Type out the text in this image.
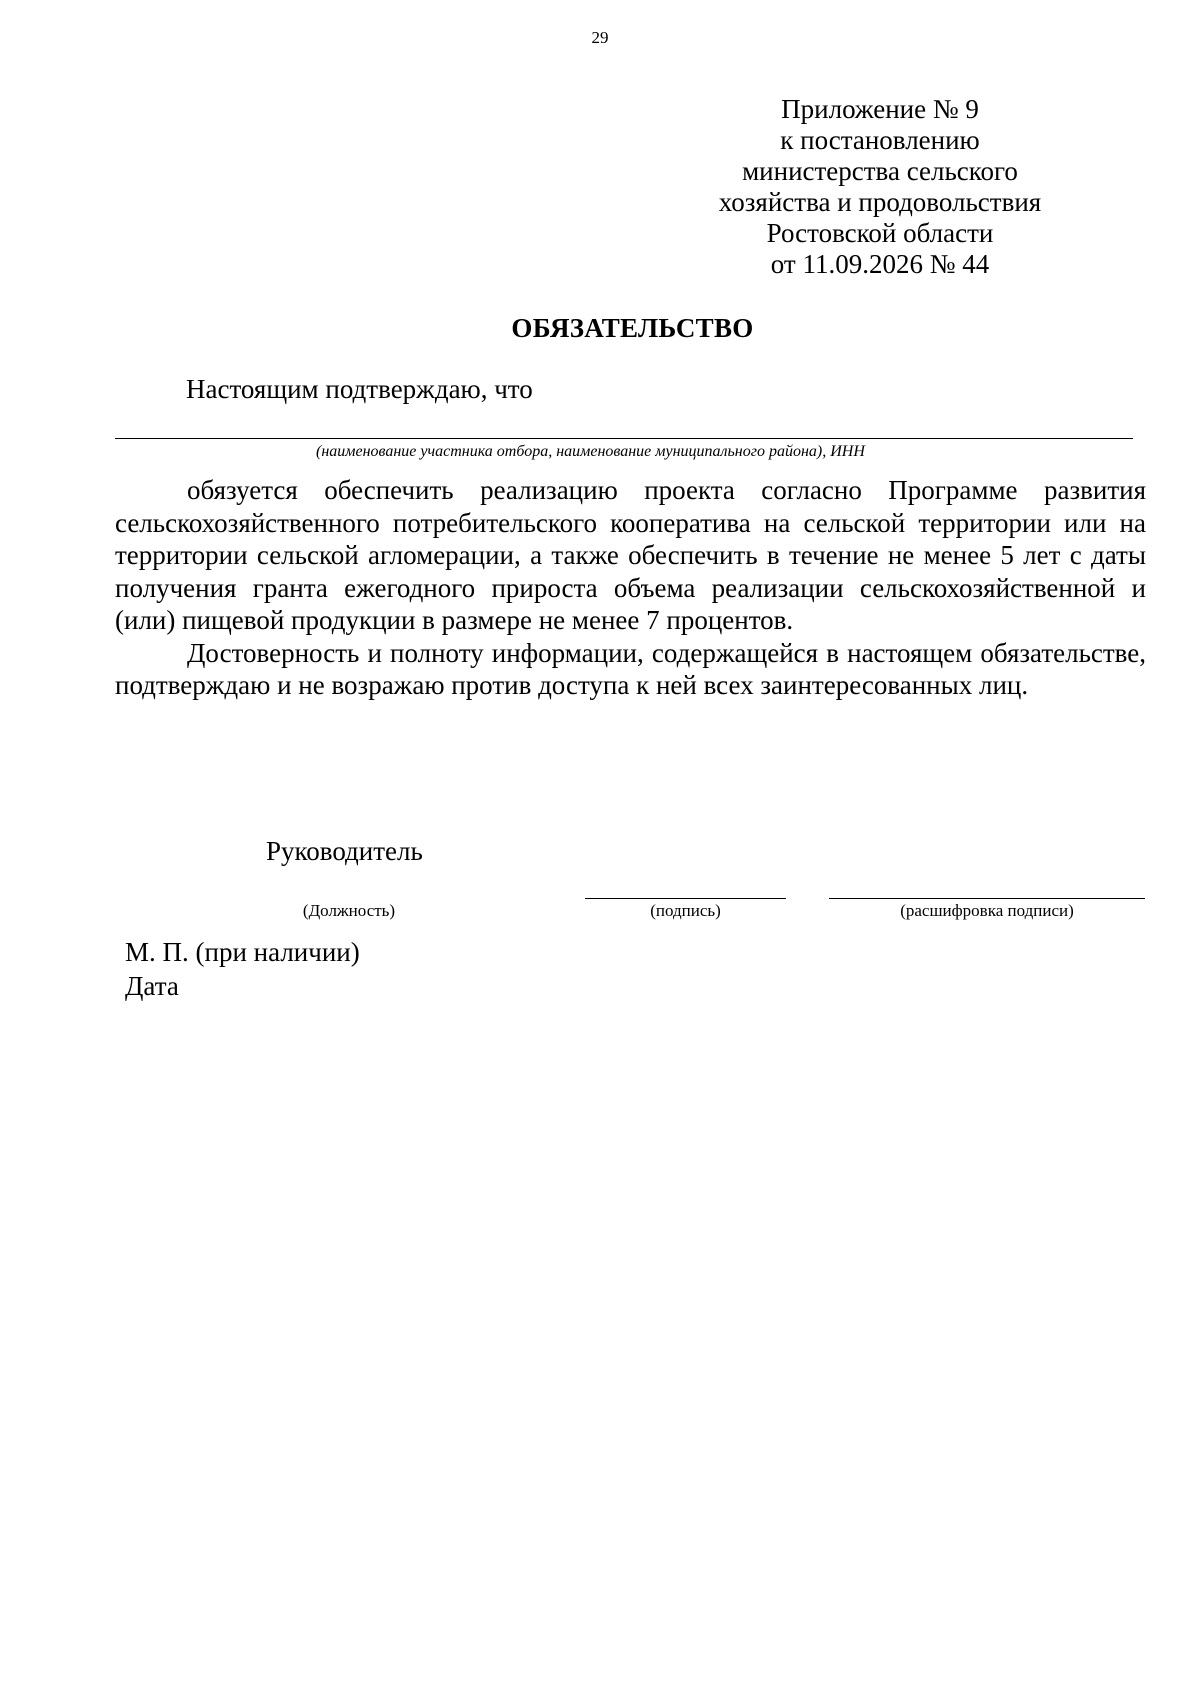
29
Приложение № 9
к постановлению
министерства сельского
хозяйства и продовольствия
Ростовской области
от 11.09.2026 № 44
ОБЯЗАТЕЛЬСТВО
Настоящим подтверждаю, что
(наименование участника отбора, наименование муниципального района), ИНН

обязуется обеспечить реализацию проекта согласно Программе развития сельскохозяйственного потребительского кооператива на сельской территории или на территории сельской агломерации, а также обеспечить в течение не менее 5 лет с даты получения гранта ежегодного прироста объема реализации сельскохозяйственной и (или) пищевой продукции в размере не менее 7 процентов.

Достоверность и полноту информации, содержащейся в настоящем обязательстве, подтверждаю и не возражаю против доступа к ней всех заинтересованных лиц.

Руководитель
(Должность)	(подпись)	(расшифровка подписи)
М. П. (при наличии)
Дата
